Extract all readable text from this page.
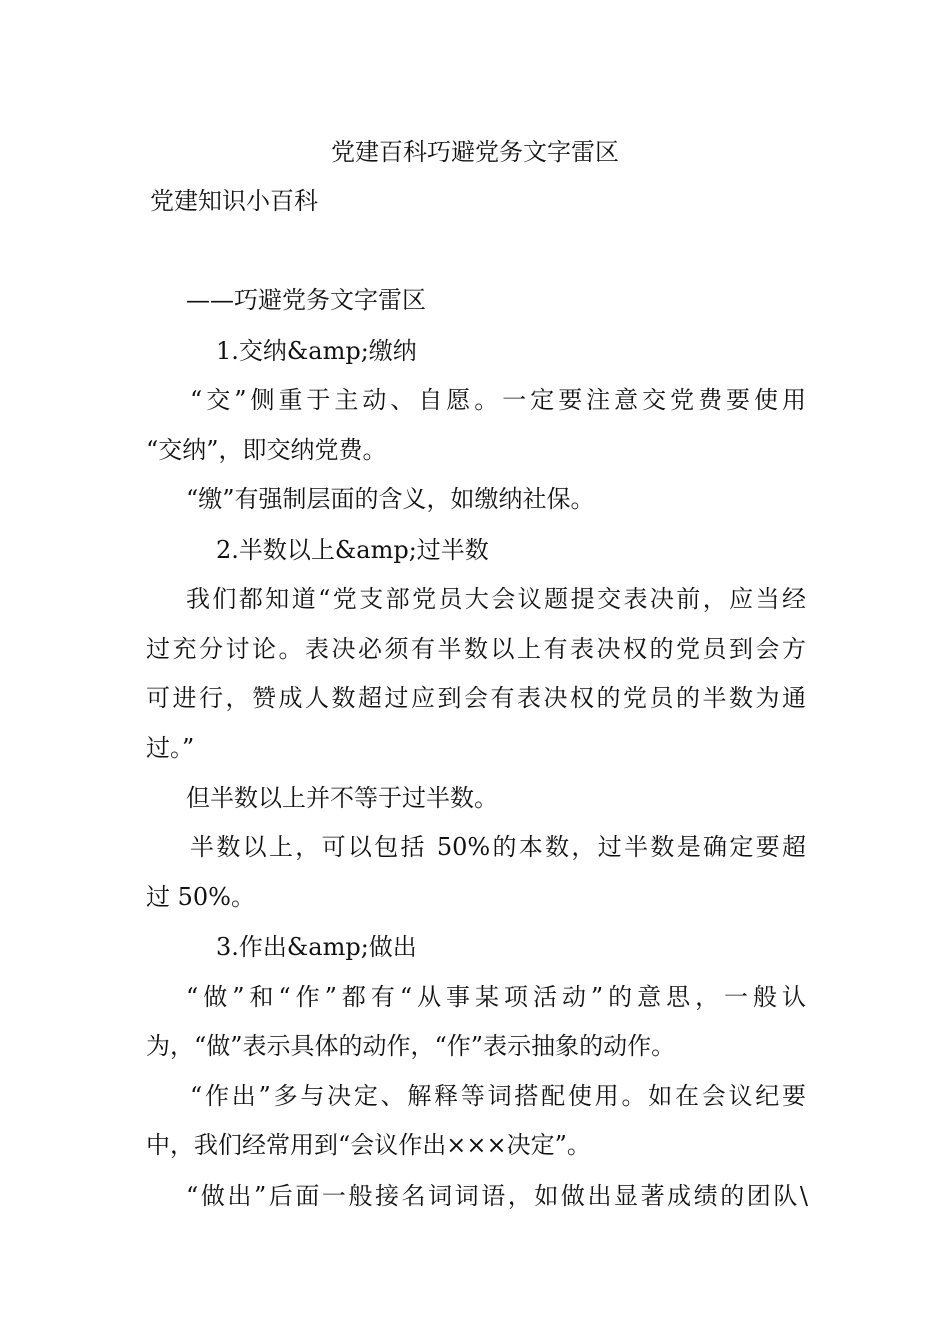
党建百科巧避党务文字雷区
党建知识小百科
——巧避党务文字雷区
1.交纳&amp;缴纳
“交”侧重于主动、自愿。一定要注意交党费要使用
“交纳”，即交纳党费。
“缴”有强制层面的含义，如缴纳社保。
2.半数以上&amp;过半数
我们都知道“党支部党员大会议题提交表决前，应当经
过充分讨论。表决必须有半数以上有表决权的党员到会方
可进行，赞成人数超过应到会有表决权的党员的半数为通
过。”
但半数以上并不等于过半数。
半数以上，可以包括 50%的本数，过半数是确定要超
过 50%。
3.作出&amp;做出
“做”和“作”都有“从事某项活动”的意思，一般认
为，“做”表示具体的动作，“作”表示抽象的动作。
“作出”多与决定、解释等词搭配使用。如在会议纪要
中，我们经常用到“会议作出×××决定”。
“做出”后面一般接名词词语，如做出显著成绩的团队\
